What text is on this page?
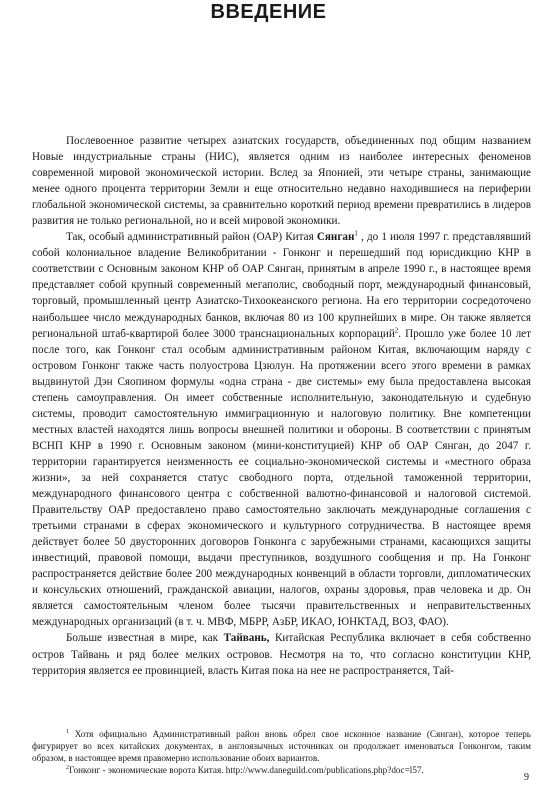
ВВЕДЕНИЕ

Послевоенное развитие четырех азиатских государств, объединенных под общим названием Новые индустриальные страны (НИС), является одним из наиболее интересных феноменов современной мировой экономической истории. Вслед за Японией, эти четыре страны, занимающие менее одного процента территории Земли и еще относительно недавно находившиеся на периферии глобальной экономической системы, за сравнительно короткий период времени превратились в лидеров развития не только региональной, но и всей мировой экономики.

Так, особый административный район (ОАР) Китая Сянган$^1$ , до 1 июля 1997 г. представлявший собой колониальное владение Великобритании - Гонконг и перешедший под юрисдикцию КНР в соответствии с Основным законом КНР об ОАР Сянган, принятым в апреле 1990 г., в настоящее время представляет собой крупный современный мегаполис, свободный порт, международный финансовый, торговый, промышленный центр Азиатско-Тихоокеанского региона. На его территории сосредоточено наибольшее число международных банков, включая 80 из 100 крупнейших в мире. Он также является региональной штаб-квартирой более 3000 транснациональных корпораций$^2$. Прошло уже более 10 лет после того, как Гонконг стал особым административным районом Китая, включающим наряду с островом Гонконг также часть полуострова Цзюлун. На протяжении всего этого времени в рамках выдвинутой Дэн Сяопином формулы «одна страна - две системы» ему была предоставлена высокая степень самоуправления. Он имеет собственные исполнительную, законодательную и судебную системы, проводит самостоятельную иммиграционную и налоговую политику. Вне компетенции местных властей находятся лишь вопросы внешней политики и обороны. В соответствии с принятым ВСНП КНР в 1990 г. Основным законом (мини-конституцией) КНР об ОАР Сянган, до 2047 г. территории гарантируется неизменность ее социально-экономической системы и «местного образа жизни», за ней сохраняется статус свободного порта, отдельной таможенной территории, международного финансового центра с собственной валютно-финансовой и налоговой системой. Правительству ОАР предоставлено право самостоятельно заключать международные соглашения с третьими странами в сферах экономического и культурного сотрудничества. В настоящее время действует более 50 двусторонних договоров Гонконга с зарубежными странами, касающихся защиты инвестиций, правовой помощи, выдачи преступников, воздушного сообщения и пр. На Гонконг распространяется действие более 200 международных конвенций в области торговли, дипломатических и консульских отношений, гражданской авиации, налогов, охраны здоровья, прав человека и др. Он является самостоятельным членом более тысячи правительственных и неправительственных международных организаций (в т. ч. МВФ, МБРР, АзБР, ИКАО, ЮНКТАД, ВОЗ, ФАО).

Больше известная в мире, как Тайвань, Китайская Республика включает в себя собственно остров Тайвань и ряд более мелких островов. Несмотря на то, что согласно конституции КНР, территория является ее провинцией, власть Китая пока на нее не распространяется, Тай-

$^1$ Хотя официально Административный район вновь обрел свое исконное название (Сянган), которое теперь фигурирует во всех китайских документах, в англоязычных источниках он продолжает именоваться Гонконгом, таким образом, в настоящее время правомерно использование обоих вариантов.

$^2$Гонконг - экономические ворота Китая. http://www.daneguild.com/publications.php?doc=l57.

9
